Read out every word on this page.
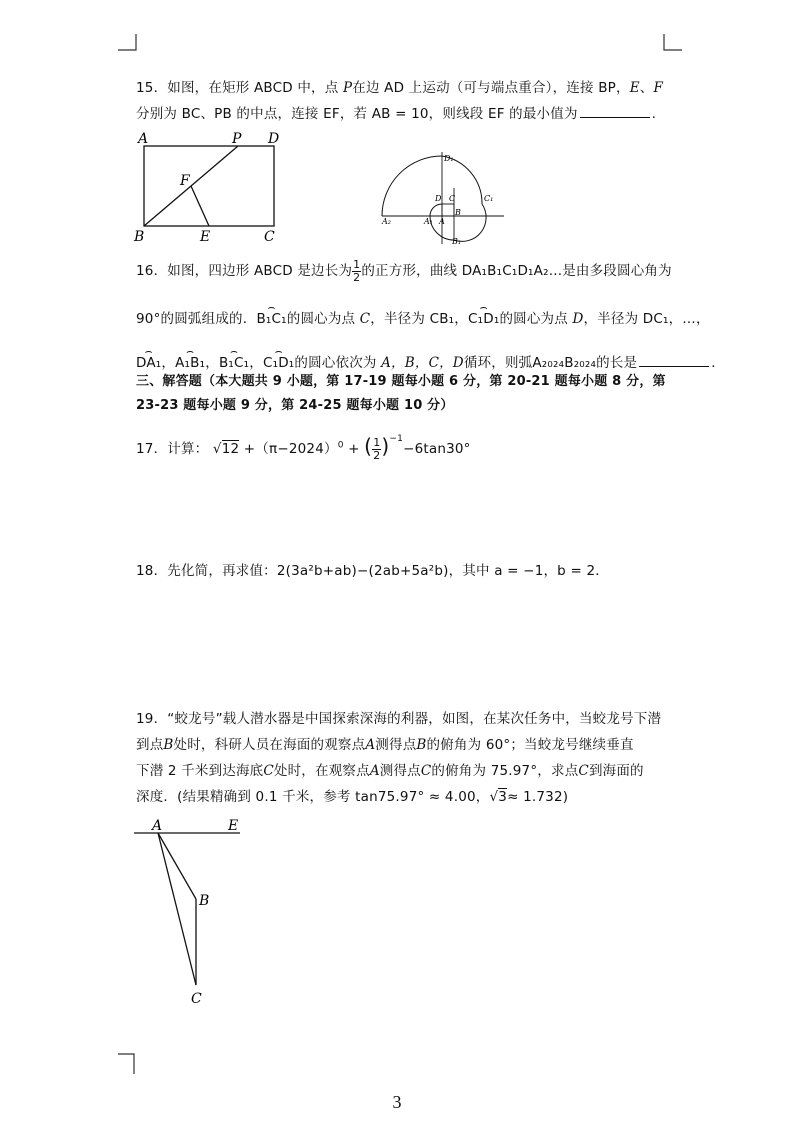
15．如图，在矩形 ABCD 中，点 P在边 AD 上运动（可与端点重合），连接 BP，E、F
分别为 BC、PB 的中点，连接 EF，若 AB = 10，则线段 EF 的最小值为	.
A	P D
F
B	E	C
D₁
C	C₁
D
A
B
A₁
A₂
B₁
16．如图，四边形 ABCD 是边长为 $\frac{1}{2}$ 的正方形，曲线 DA₁B₁C₁D₁A₂...是由多段圆心角为
90°的圆弧组成的．⌢ B₁C₁的圆心为点 C，半径为 CB₁，⌢ C₁D₁的圆心为点 D，半径为 DC₁，…，
⌢ DA₁，⌢ A₁B₁，⌢ B₁C₁，⌢ C₁D₁的圆心依次为 A，B，C，D循环，则弧A₂₀₂₄B₂₀₂₄的长是	．
三、解答题（本大题共 9 小题，第 17-19 题每小题 6 分，第 20-21 题每小题 8 分，第
23-23 题每小题 9 分，第 24-25 题每小题 10 分）
17．计算： $√12 +(\pi-2024)^0$ + ( $\frac{1}{2} )^{-1}-6\tan 30^\circ$
18．先化简，再求值：2(3a²b+ab)−(2ab+5a²b)，其中 a = −1，b = 2．
19．“蛟龙号”载人潜水器是中国探索深海的利器，如图，在某次任务中，当蛟龙号下潜
到点B处时，科研人员在海面的观察点A测得点B的俯角为 60°；当蛟龙号继续垂直
下潜 2 千米到达海底C处时，在观察点A测得点C的俯角为 75.97°，求点C到海面的
深度．(结果精确到 0.1 千米，参考 tan75.97° ≈ 4.00，√3≈ 1.732)
A	E
B
C
3
